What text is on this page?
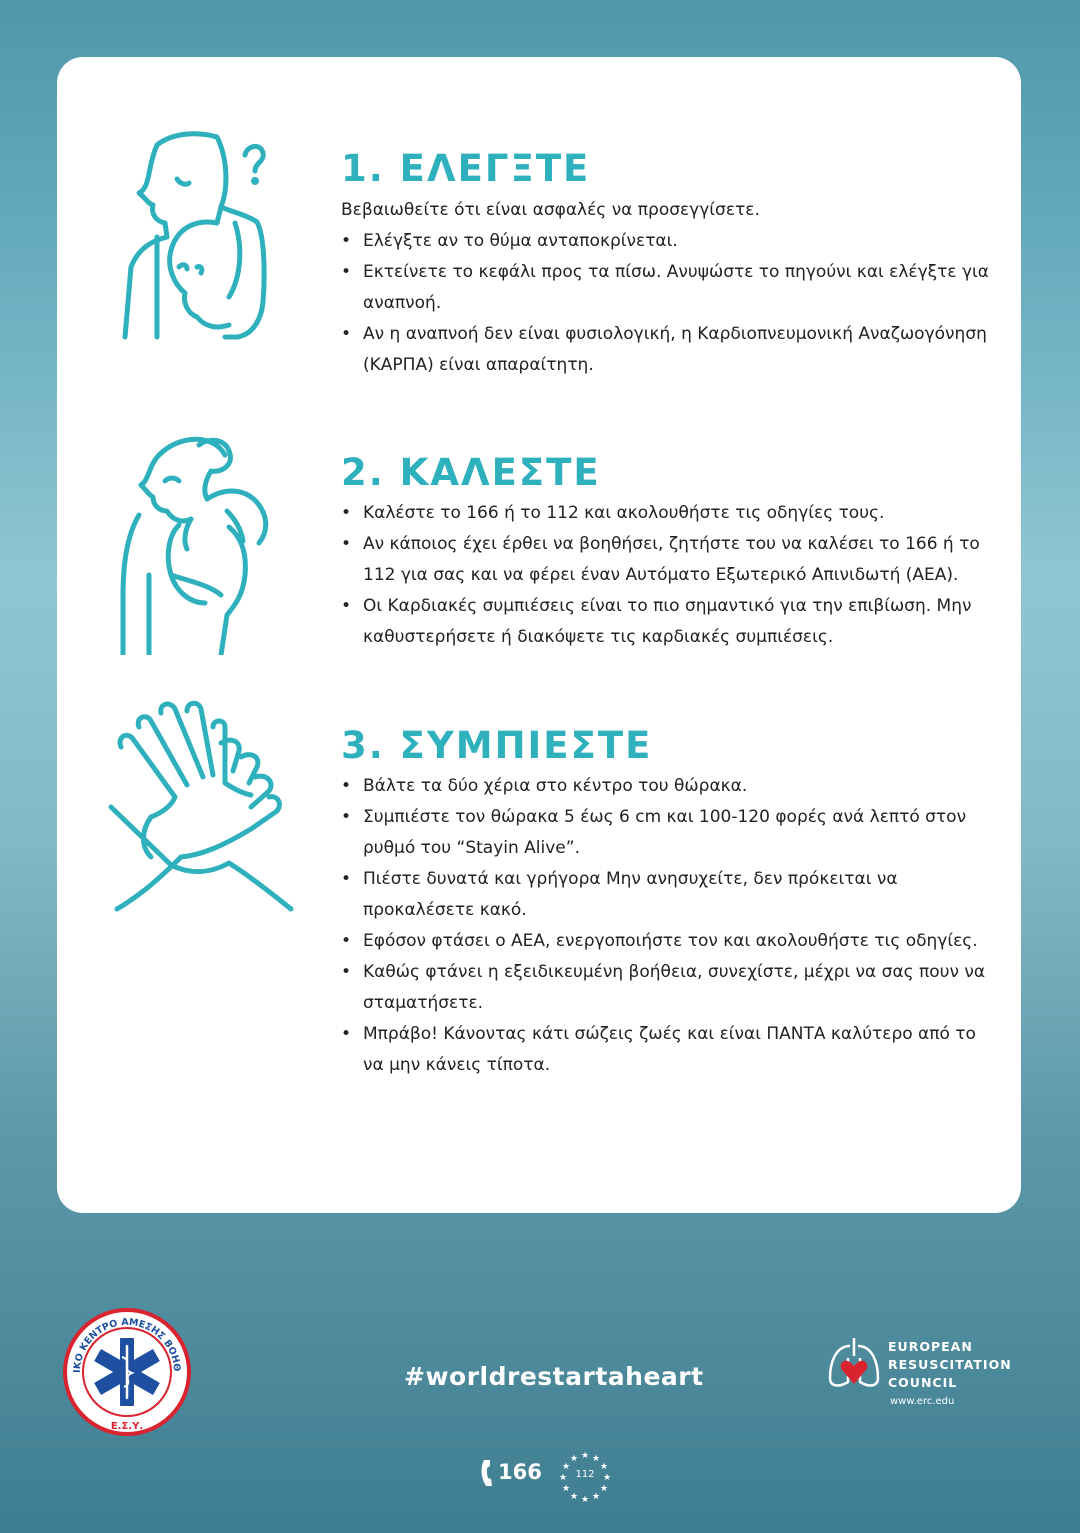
1. ΕΛΕΓΞΤΕ

Βεβαιωθείτε ότι είναι ασφαλές να προσεγγίσετε.

• Ελέγξτε αν το θύμα ανταποκρίνεται.
• Εκτείνετε το κεφάλι προς τα πίσω. Ανυψώστε το πηγούνι και ελέγξτε για αναπνοή.
• Αν η αναπνοή δεν είναι φυσιολογική, η Καρδιοπνευμονική Αναζωογόνηση (ΚΑΡΠΑ) είναι απαραίτητη.
2. ΚΑΛΕΣΤΕ
• Καλέστε το 166 ή το 112 και ακολουθήστε τις οδηγίες τους.
• Αν κάποιος έχει έρθει να βοηθήσει, ζητήστε του να καλέσει το 166 ή το 112 για σας και να φέρει έναν Αυτόματο Εξωτερικό Απινιδωτή (ΑΕΑ).
• Οι Καρδιακές συμπιέσεις είναι το πιο σημαντικό για την επιβίωση. Μην καθυστερήσετε ή διακόψετε τις καρδιακές συμπιέσεις.
3. ΣΥΜΠΙΕΣΤΕ
• Βάλτε τα δύο χέρια στο κέντρο του θώρακα.
• Συμπιέστε τον θώρακα 5 έως 6 cm και 100-120 φορές ανά λεπτό στον ρυθμό του “Stayin Alive”.
• Πιέστε δυνατά και γρήγορα Μην ανησυχείτε, δεν πρόκειται να προκαλέσετε κακό.
• Εφόσον φτάσει ο ΑΕΑ, ενεργοποιήστε τον και ακολουθήστε τις οδηγίες.
• Καθώς φτάνει η εξειδικευμένη βοήθεια, συνεχίστε, μέχρι να σας πουν να σταματήσετε.
• Μπράβο! Κάνοντας κάτι σώζεις ζωές και είναι ΠΑΝΤΑ καλύτερο από το να μην κάνεις τίποτα.
ΙΚΟ ΚΕΝΤΡΟ ΑΜΕΣΗΣ ΒΟΗΘ
Ε.Σ.Υ.

#worldrestartaheart

EUROPEAN
RESUSCITATION
COUNCIL
www.erc.edu
166
★ ★
★
★
★
★
★
★
★
★
★
★
112
